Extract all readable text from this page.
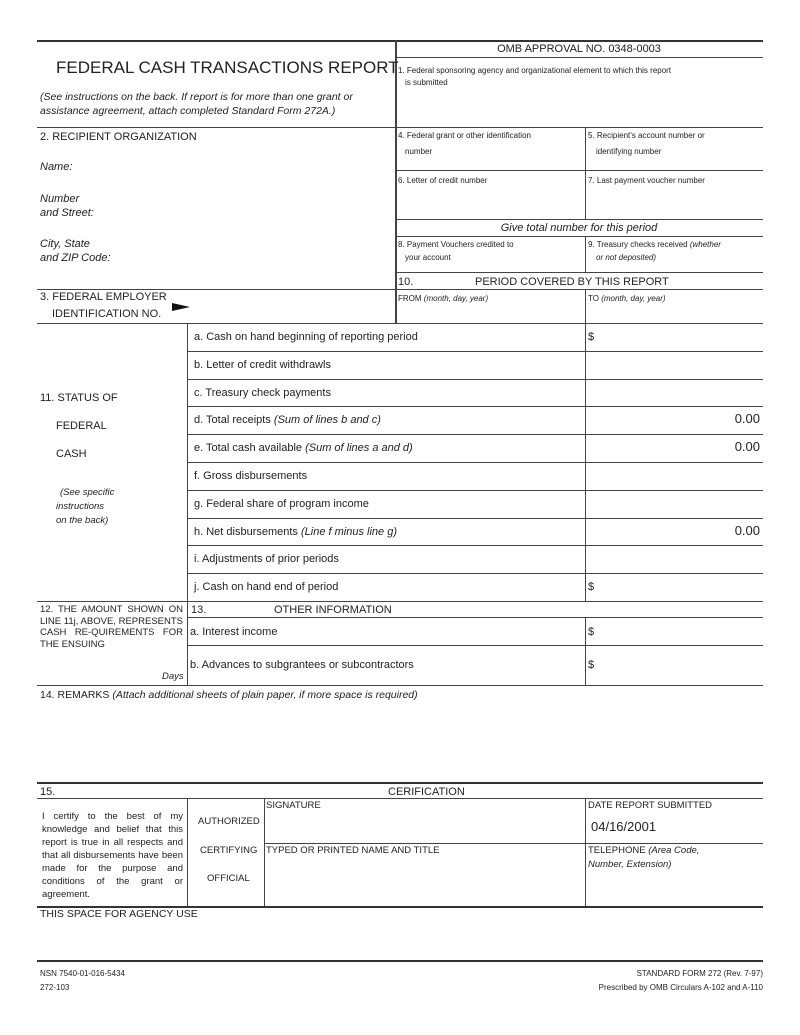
FEDERAL CASH TRANSACTIONS REPORT
(See instructions on the back. If report is for more than one grant or
assistance agreement, attach completed Standard Form 272A.)
OMB APPROVAL NO. 0348-0003
1. Federal sponsoring agency and organizational element to which this report
is submitted
2. RECIPIENT ORGANIZATION
Name:
Number
and Street:
City, State
and ZIP Code:
3. FEDERAL EMPLOYER
IDENTIFICATION NO.
4. Federal grant or other identification
number
5. Recipient's account number or
identifying number
6. Letter of credit number	7. Last payment voucher number
Give total number for this period
8. Payment Vouchers credited to
your account
9. Treasury checks received (whether
or not deposited)
10.	PERIOD COVERED BY THIS REPORT
FROM (month, day, year)	TO (month, day, year)
11. STATUS OF
FEDERAL
CASH
(See specific
instructions
on the back)
a. Cash on hand beginning of reporting period	$
b. Letter of credit withdrawls
c. Treasury check payments
d. Total receipts (Sum of lines b and c)	0.00
e. Total cash available (Sum of lines a and d)	0.00
f. Gross disbursements
g. Federal share of program income
h. Net disbursements (Line f minus line g)	0.00
i. Adjustments of prior periods
j. Cash on hand end of period	$
12. THE AMOUNT SHOWN ON LINE 11j, ABOVE, REPRESENTS CASH RE-QUIREMENTS FOR THE ENSUING
Days
13.	OTHER INFORMATION
a. Interest income	$
b. Advances to subgrantees or subcontractors	$
14. REMARKS (Attach additional sheets of plain paper, if more space is required)
15.	CERIFICATION
I certify to the best of my knowledge and belief that this report is true in all respects and that all disbursements have been made for the purpose and conditions of the grant or agreement.
AUTHORIZED
CERTIFYING
OFFICIAL
SIGNATURE	DATE REPORT SUBMITTED
04/16/2001
TYPED OR PRINTED NAME AND TITLE	TELEPHONE (Area Code,
Number, Extension)
THIS SPACE FOR AGENCY USE
NSN 7540-01-016-5434
272-103
STANDARD FORM 272 (Rev. 7-97)
Prescribed by OMB Circulars A-102 and A-110
